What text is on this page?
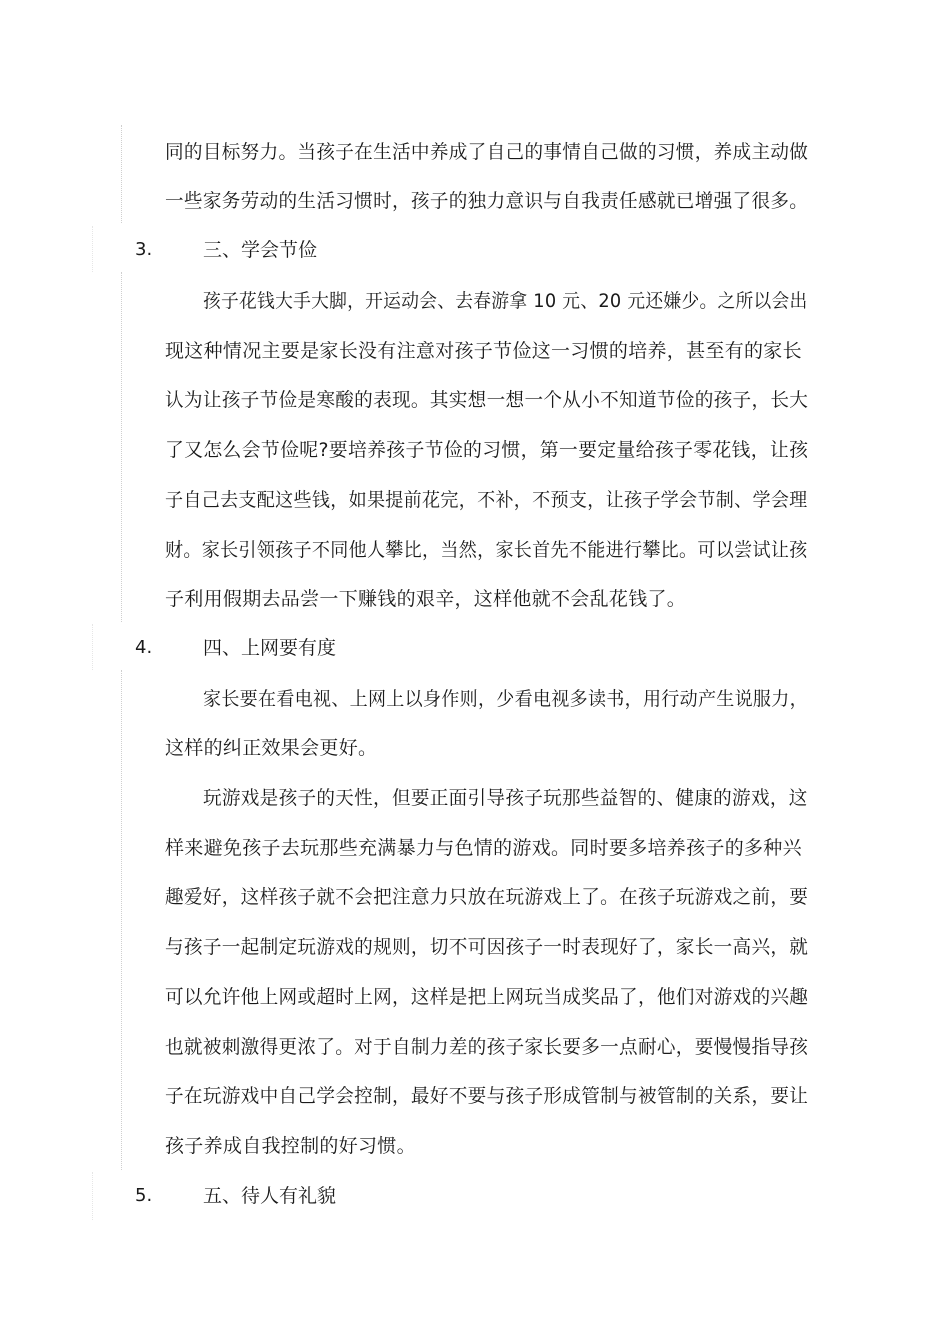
同的目标努力。当孩子在生活中养成了自己的事情自己做的习惯，养成主动做
一些家务劳动的生活习惯时，孩子的独力意识与自我责任感就已增强了很多。
3.	三、学会节俭
孩子花钱大手大脚，开运动会、去春游拿 10 元、20 元还嫌少。之所以会出
现这种情况主要是家长没有注意对孩子节俭这一习惯的培养，甚至有的家长
认为让孩子节俭是寒酸的表现。其实想一想一个从小不知道节俭的孩子，长大
了又怎么会节俭呢?要培养孩子节俭的习惯，第一要定量给孩子零花钱，让孩
子自己去支配这些钱，如果提前花完，不补，不预支，让孩子学会节制、学会理
财。家长引领孩子不同他人攀比，当然，家长首先不能进行攀比。可以尝试让孩
子利用假期去品尝一下赚钱的艰辛，这样他就不会乱花钱了。
4.	四、上网要有度
家长要在看电视、上网上以身作则，少看电视多读书，用行动产生说服力，
这样的纠正效果会更好。
玩游戏是孩子的天性，但要正面引导孩子玩那些益智的、健康的游戏，这
样来避免孩子去玩那些充满暴力与色情的游戏。同时要多培养孩子的多种兴
趣爱好，这样孩子就不会把注意力只放在玩游戏上了。在孩子玩游戏之前，要
与孩子一起制定玩游戏的规则，切不可因孩子一时表现好了，家长一高兴，就
可以允许他上网或超时上网，这样是把上网玩当成奖品了，他们对游戏的兴趣
也就被刺激得更浓了。对于自制力差的孩子家长要多一点耐心，要慢慢指导孩
子在玩游戏中自己学会控制，最好不要与孩子形成管制与被管制的关系，要让
孩子养成自我控制的好习惯。
5.	五、待人有礼貌
